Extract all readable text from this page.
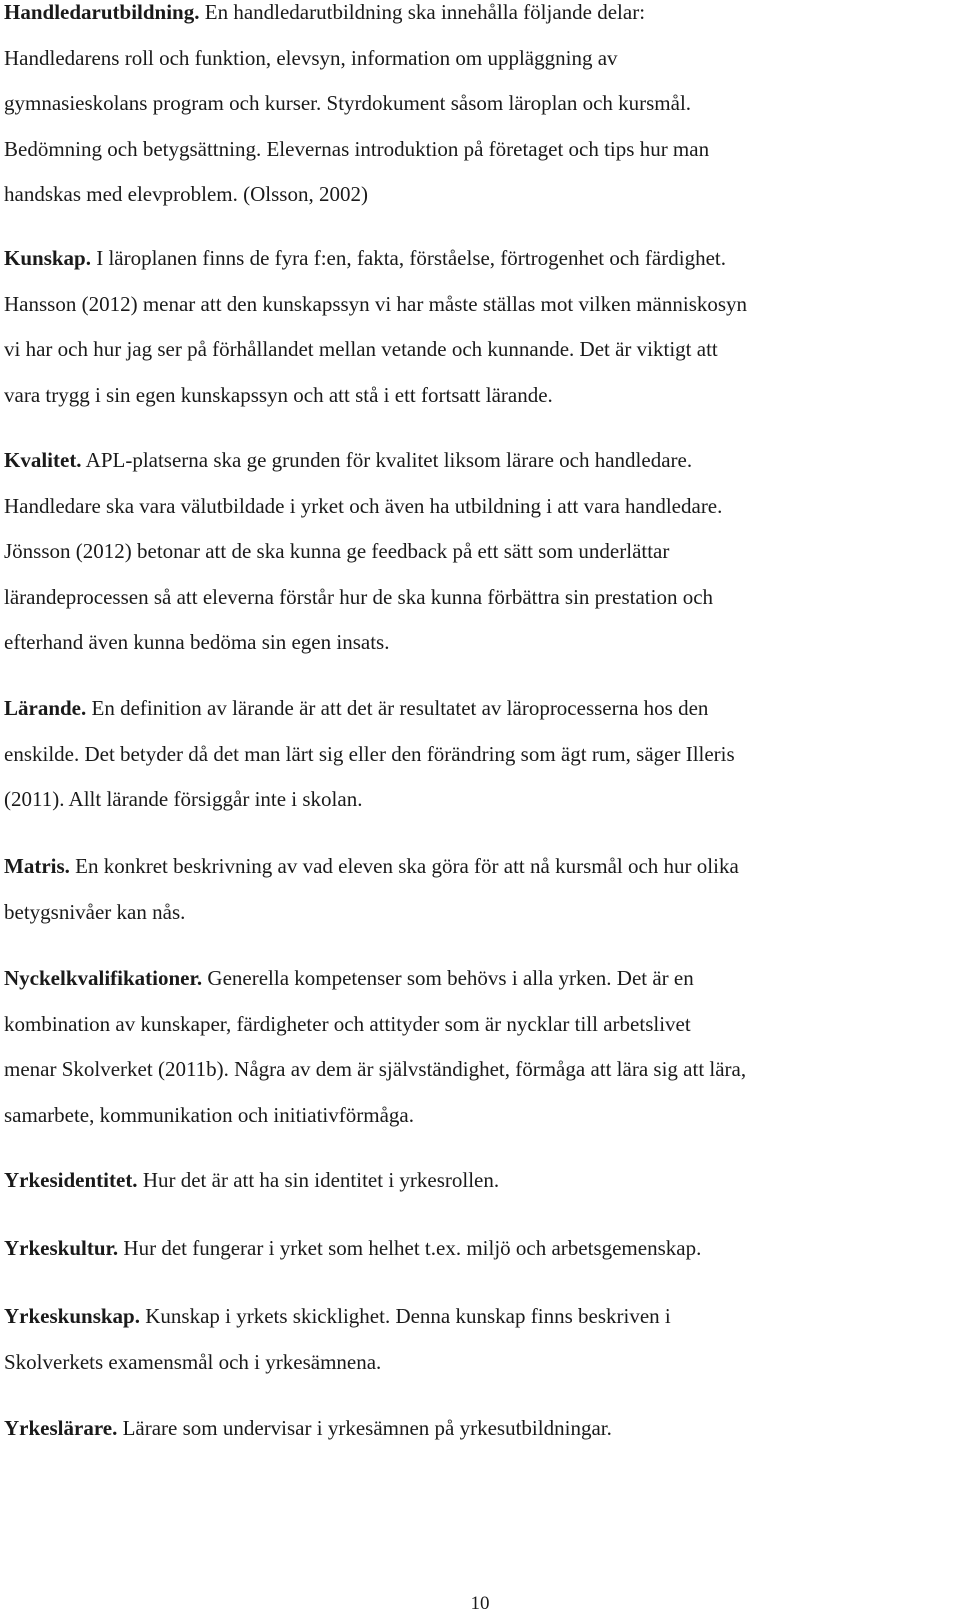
Handledarutbildning. En handledarutbildning ska innehålla följande delar:

Handledarens roll och funktion, elevsyn, information om uppläggning av

gymnasieskolans program och kurser. Styrdokument såsom läroplan och kursmål.

Bedömning och betygsättning. Elevernas introduktion på företaget och tips hur man

handskas med elevproblem. (Olsson, 2002)

Kunskap. I läroplanen finns de fyra f:en, fakta, förståelse, förtrogenhet och färdighet.

Hansson (2012) menar att den kunskapssyn vi har måste ställas mot vilken människosyn

vi har och hur jag ser på förhållandet mellan vetande och kunnande. Det är viktigt att

vara trygg i sin egen kunskapssyn och att stå i ett fortsatt lärande.

Kvalitet. APL-platserna ska ge grunden för kvalitet liksom lärare och handledare.

Handledare ska vara välutbildade i yrket och även ha utbildning i att vara handledare.

Jönsson (2012) betonar att de ska kunna ge feedback på ett sätt som underlättar

lärandeprocessen så att eleverna förstår hur de ska kunna förbättra sin prestation och

efterhand även kunna bedöma sin egen insats.

Lärande. En definition av lärande är att det är resultatet av läroprocesserna hos den

enskilde. Det betyder då det man lärt sig eller den förändring som ägt rum, säger Illeris

(2011). Allt lärande försiggår inte i skolan.

Matris. En konkret beskrivning av vad eleven ska göra för att nå kursmål och hur olika

betygsnivåer kan nås.

Nyckelkvalifikationer. Generella kompetenser som behövs i alla yrken. Det är en

kombination av kunskaper, färdigheter och attityder som är nycklar till arbetslivet

menar Skolverket (2011b). Några av dem är självständighet, förmåga att lära sig att lära,

samarbete, kommunikation och initiativförmåga.

Yrkesidentitet. Hur det är att ha sin identitet i yrkesrollen.

Yrkeskultur. Hur det fungerar i yrket som helhet t.ex. miljö och arbetsgemenskap.

Yrkeskunskap. Kunskap i yrkets skicklighet. Denna kunskap finns beskriven i

Skolverkets examensmål och i yrkesämnena.

Yrkeslärare. Lärare som undervisar i yrkesämnen på yrkesutbildningar.

10
